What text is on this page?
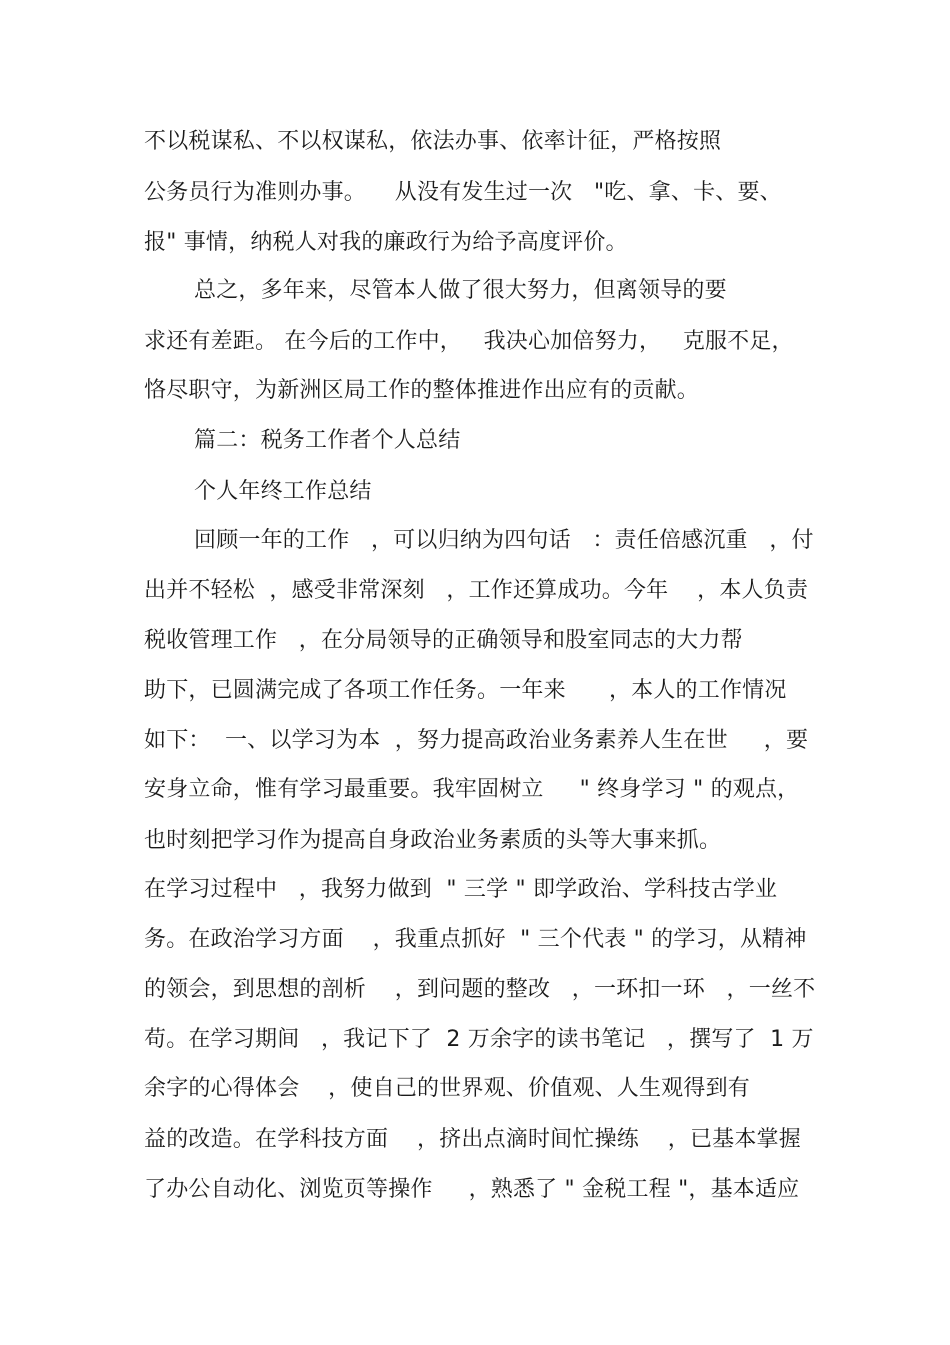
不以税谋私、不以权谋私，依法办事、依率计征，严格按照
公务员行为准则办事。    从没有发生过一次   "吃、拿、卡、要、
报" 事情，纳税人对我的廉政行为给予高度评价。
总之，多年来，尽管本人做了很大努力，但离领导的要
求还有差距。 在今后的工作中，   我决心加倍努力，   克服不足，
恪尽职守，为新洲区局工作的整体推进作出应有的贡献。
篇二：税务工作者个人总结
个人年终工作总结
回顾一年的工作   ，可以归纳为四句话   ：责任倍感沉重   ，付
出并不轻松  ，感受非常深刻   ，工作还算成功。今年    ，本人负责
税收管理工作   ，在分局领导的正确领导和股室同志的大力帮
助下，已圆满完成了各项工作任务。一年来      ，本人的工作情况
如下：  一、以学习为本  ，努力提高政治业务素养人生在世     ，要
安身立命，惟有学习最重要。我牢固树立     " 终身学习 " 的观点，
也时刻把学习作为提高自身政治业务素质的头等大事来抓。
在学习过程中   ，我努力做到  " 三学 " 即学政治、学科技古学业
务。在政治学习方面    ，我重点抓好  " 三个代表 " 的学习，从精神
的领会，到思想的剖析    ，到问题的整改   ，一环扣一环   ，一丝不
苟。在学习期间   ，我记下了  2 万余字的读书笔记   ，撰写了  1 万
余字的心得体会    ，使自己的世界观、价值观、人生观得到有
益的改造。在学科技方面    ，挤出点滴时间忙操练    ，已基本掌握
了办公自动化、浏览页等操作     ，熟悉了 " 金税工程 "，基本适应
